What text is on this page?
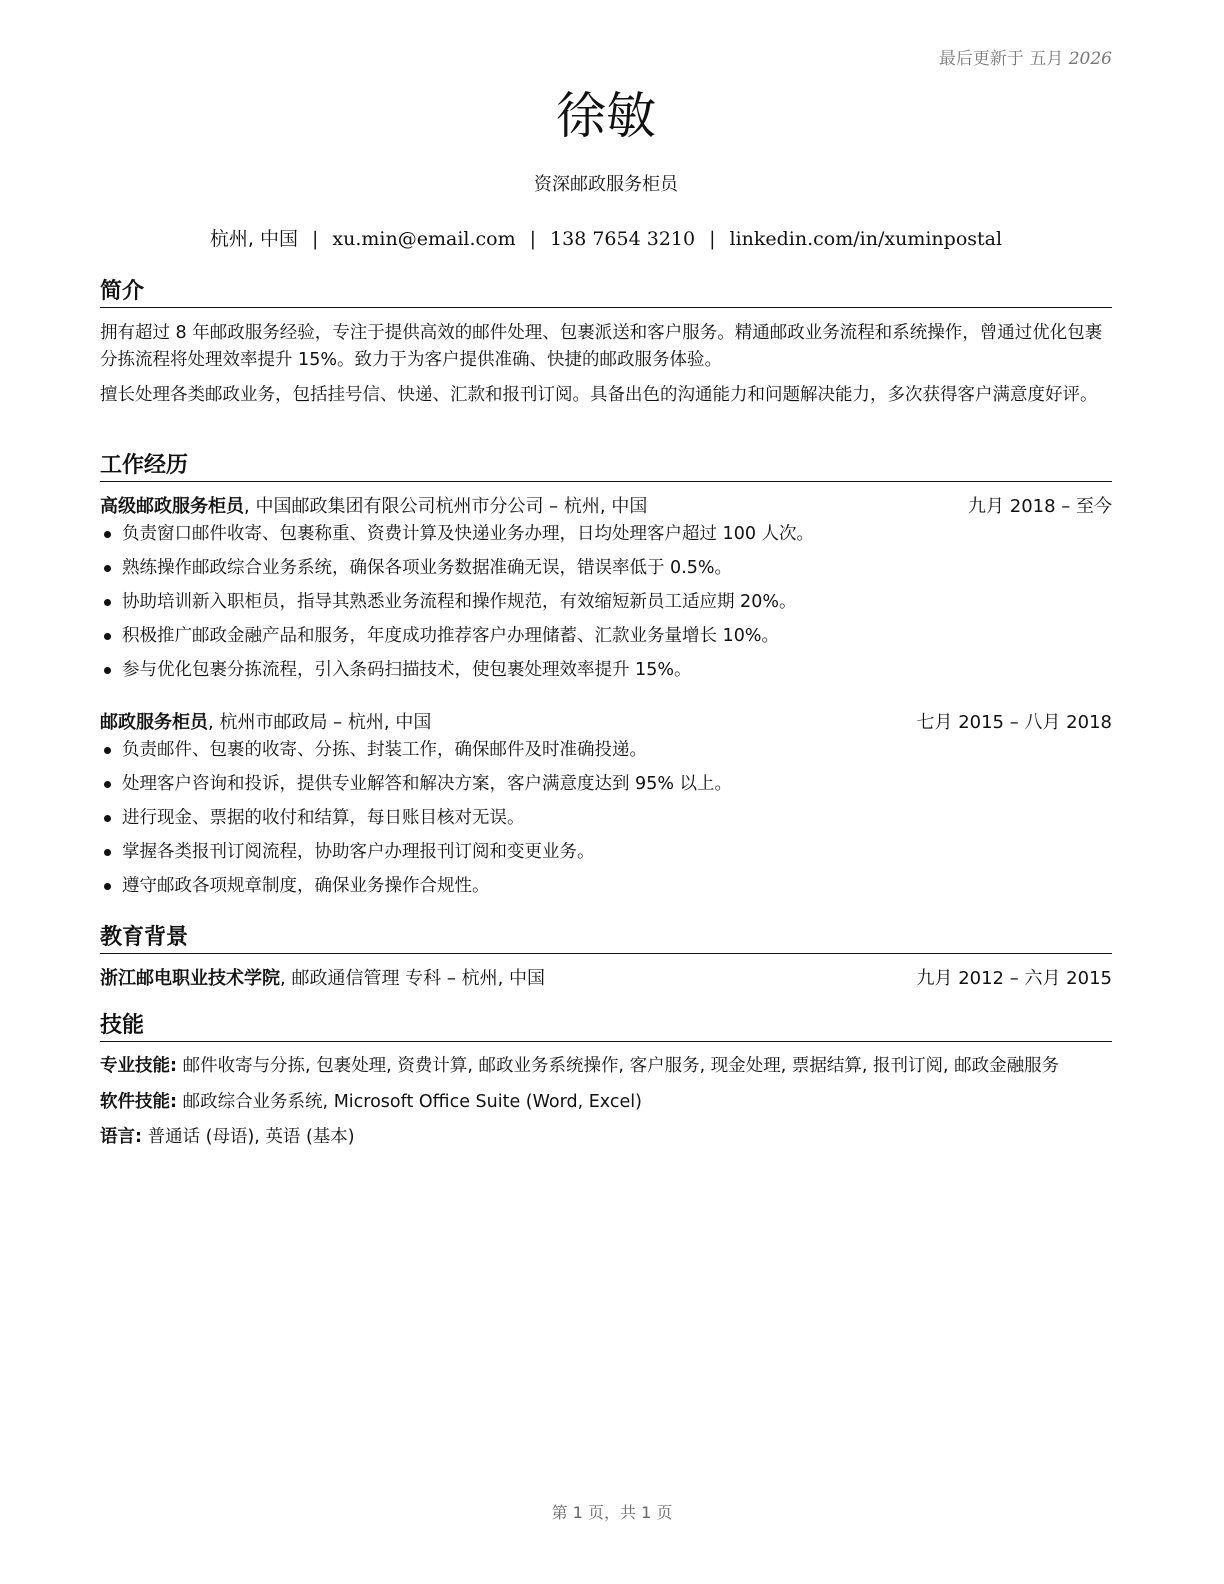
最后更新于 五月 2026
徐敏
资深邮政服务柜员
杭州, 中国 | xu.min@email.com | 138 7654 3210 | linkedin.com/in/xuminpostal
简介

拥有超过 8 年邮政服务经验，专注于提供高效的邮件处理、包裹派送和客户服务。精通邮政业务流程和系统操作，曾通过优化包裹分拣流程将处理效率提升 15%。致力于为客户提供准确、快捷的邮政服务体验。

擅长处理各类邮政业务，包括挂号信、快递、汇款和报刊订阅。具备出色的沟通能力和问题解决能力，多次获得客户满意度好评。

工作经历
高级邮政服务柜员, 中国邮政集团有限公司杭州市分公司 – 杭州, 中国	九月 2018 – 至今
负责窗口邮件收寄、包裹称重、资费计算及快递业务办理，日均处理客户超过 100 人次。
熟练操作邮政综合业务系统，确保各项业务数据准确无误，错误率低于 0.5%。
协助培训新入职柜员，指导其熟悉业务流程和操作规范，有效缩短新员工适应期 20%。
积极推广邮政金融产品和服务，年度成功推荐客户办理储蓄、汇款业务量增长 10%。
参与优化包裹分拣流程，引入条码扫描技术，使包裹处理效率提升 15%。
邮政服务柜员, 杭州市邮政局 – 杭州, 中国	七月 2015 – 八月 2018
负责邮件、包裹的收寄、分拣、封装工作，确保邮件及时准确投递。
处理客户咨询和投诉，提供专业解答和解决方案，客户满意度达到 95% 以上。
进行现金、票据的收付和结算，每日账目核对无误。
掌握各类报刊订阅流程，协助客户办理报刊订阅和变更业务。
遵守邮政各项规章制度，确保业务操作合规性。
教育背景
浙江邮电职业技术学院, 邮政通信管理 专科 – 杭州, 中国	九月 2012 – 六月 2015
技能

专业技能: 邮件收寄与分拣, 包裹处理, 资费计算, 邮政业务系统操作, 客户服务, 现金处理, 票据结算, 报刊订阅, 邮政金融服务

软件技能: 邮政综合业务系统, Microsoft Office Suite (Word, Excel)

语言: 普通话 (母语), 英语 (基本)

第 1 页，共 1 页
